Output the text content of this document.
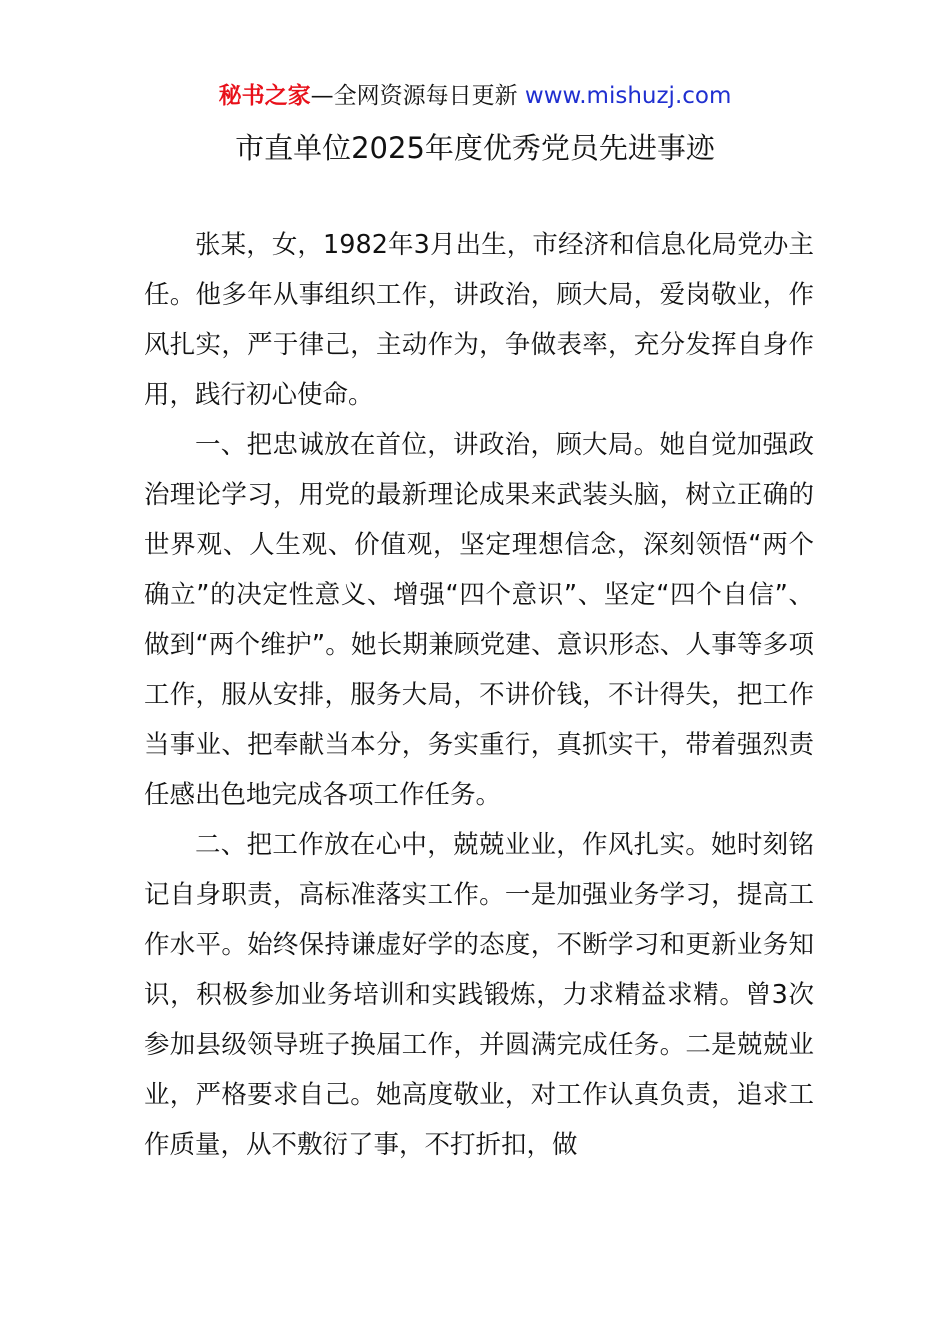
秘书之家—全网资源每日更新 www.mishuzj.com
市直单位2025年度优秀党员先进事迹

张某，女，1982年3月出生，市经济和信息化局党办主任。他多年从事组织工作，讲政治，顾大局，爱岗敬业，作风扎实，严于律己，主动作为，争做表率，充分发挥自身作用，践行初心使命。

一、把忠诚放在首位，讲政治，顾大局。她自觉加强政治理论学习，用党的最新理论成果来武装头脑，树立正确的世界观、人生观、价值观，坚定理想信念，深刻领悟“两个确立”的决定性意义、增强“四个意识”、坚定“四个自信”、做到“两个维护”。她长期兼顾党建、意识形态、人事等多项工作，服从安排，服务大局，不讲价钱，不计得失，把工作当事业、把奉献当本分，务实重行，真抓实干，带着强烈责任感出色地完成各项工作任务。

二、把工作放在心中，兢兢业业，作风扎实。她时刻铭记自身职责，高标准落实工作。一是加强业务学习，提高工作水平。始终保持谦虚好学的态度，不断学习和更新业务知识，积极参加业务培训和实践锻炼，力求精益求精。曾3次参加县级领导班子换届工作，并圆满完成任务。二是兢兢业业，严格要求自己。她高度敬业，对工作认真负责，追求工作质量，从不敷衍了事，不打折扣，做
